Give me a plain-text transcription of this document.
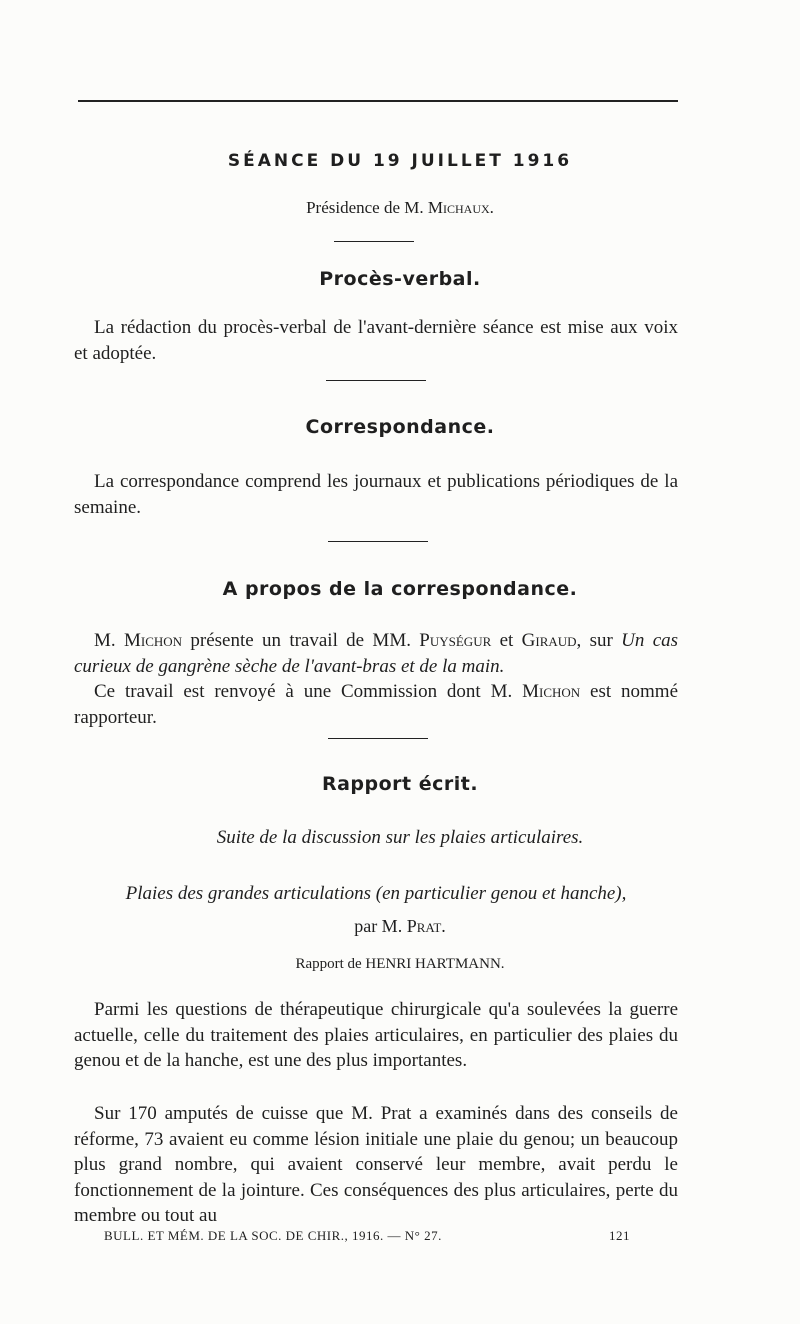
SÉANCE DU 19 JUILLET 1916
Présidence de M. Michaux.
Procès-verbal.
La rédaction du procès-verbal de l'avant-dernière séance est mise aux voix et adoptée.
Correspondance.
La correspondance comprend les journaux et publications périodiques de la semaine.
A propos de la correspondance.
M. Michon présente un travail de MM. Puységur et Giraud, sur Un cas curieux de gangrène sèche de l'avant-bras et de la main.
Ce travail est renvoyé à une Commission dont M. Michon est nommé rapporteur.
Rapport écrit.
Suite de la discussion sur les plaies articulaires.
Plaies des grandes articulations (en particulier genou et hanche),
par M. Prat.
Rapport de HENRI HARTMANN.
Parmi les questions de thérapeutique chirurgicale qu'a soulevées la guerre actuelle, celle du traitement des plaies articulaires, en particulier des plaies du genou et de la hanche, est une des plus importantes.
Sur 170 amputés de cuisse que M. Prat a examinés dans des conseils de réforme, 73 avaient eu comme lésion initiale une plaie du genou; un beaucoup plus grand nombre, qui avaient conservé leur membre, avait perdu le fonctionnement de la jointure. Ces conséquences des plus articulaires, perte du membre ou tout au
BULL. ET MÉM. DE LA SOC. DE CHIR., 1916. — N° 27.	121
